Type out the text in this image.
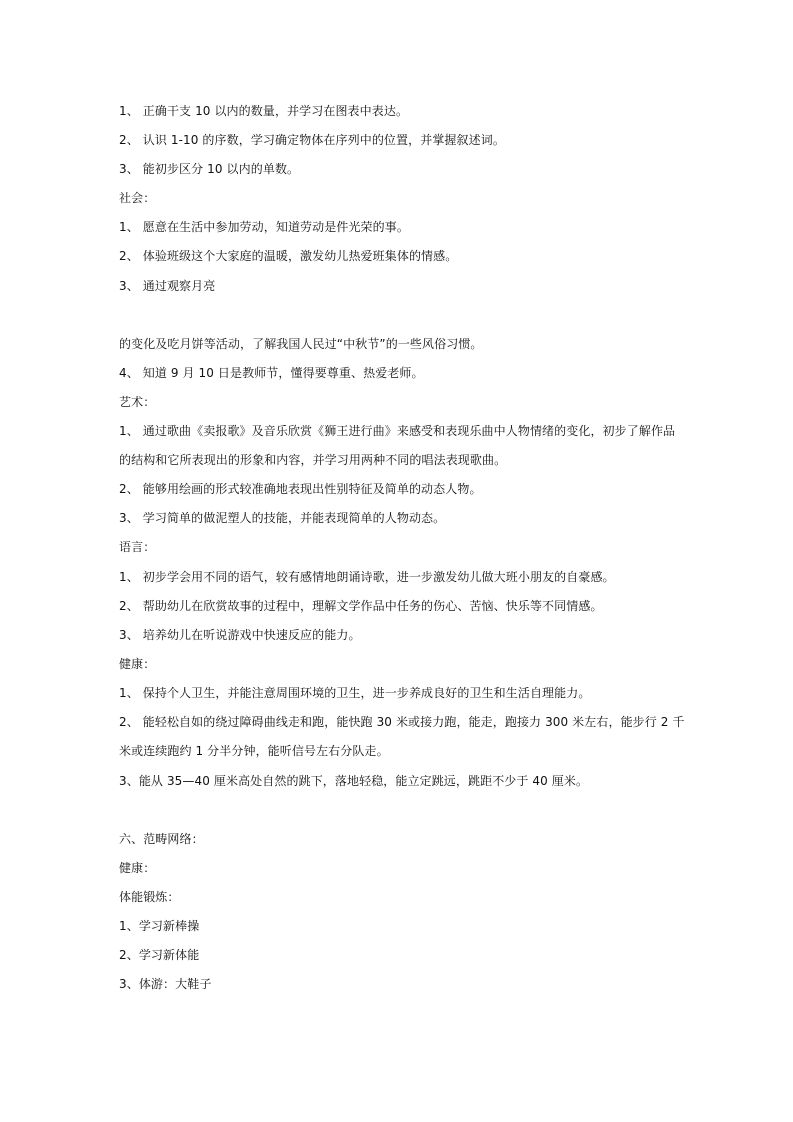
1、 正确干支 10 以内的数量，并学习在图表中表达。
2、 认识 1-10 的序数，学习确定物体在序列中的位置，并掌握叙述词。
3、 能初步区分 10 以内的单数。
社会：
1、 愿意在生活中参加劳动，知道劳动是件光荣的事。
2、 体验班级这个大家庭的温暖，激发幼儿热爱班集体的情感。
3、 通过观察月亮
的变化及吃月饼等活动，了解我国人民过“中秋节”的一些风俗习惯。
4、 知道 9 月 10 日是教师节，懂得要尊重、热爱老师。
艺术：
1、 通过歌曲《卖报歌》及音乐欣赏《狮王进行曲》来感受和表现乐曲中人物情绪的变化，初步了解作品
的结构和它所表现出的形象和内容，并学习用两种不同的唱法表现歌曲。
2、 能够用绘画的形式较准确地表现出性别特征及简单的动态人物。
3、 学习简单的做泥塑人的技能，并能表现简单的人物动态。
语言：
1、 初步学会用不同的语气，较有感情地朗诵诗歌，进一步激发幼儿做大班小朋友的自豪感。
2、 帮助幼儿在欣赏故事的过程中，理解文学作品中任务的伤心、苦恼、快乐等不同情感。
3、 培养幼儿在听说游戏中快速反应的能力。
健康：
1、 保持个人卫生，并能注意周围环境的卫生，进一步养成良好的卫生和生活自理能力。
2、 能轻松自如的绕过障碍曲线走和跑，能快跑 30 米或接力跑，能走，跑接力 300 米左右，能步行 2 千
米或连续跑约 1 分半分钟，能听信号左右分队走。
3、能从 35—40 厘米高处自然的跳下，落地轻稳，能立定跳远，跳距不少于 40 厘米。
六、范畴网络：
健康：
体能锻炼：
1、学习新棒操
2、学习新体能
3、体游：大鞋子
